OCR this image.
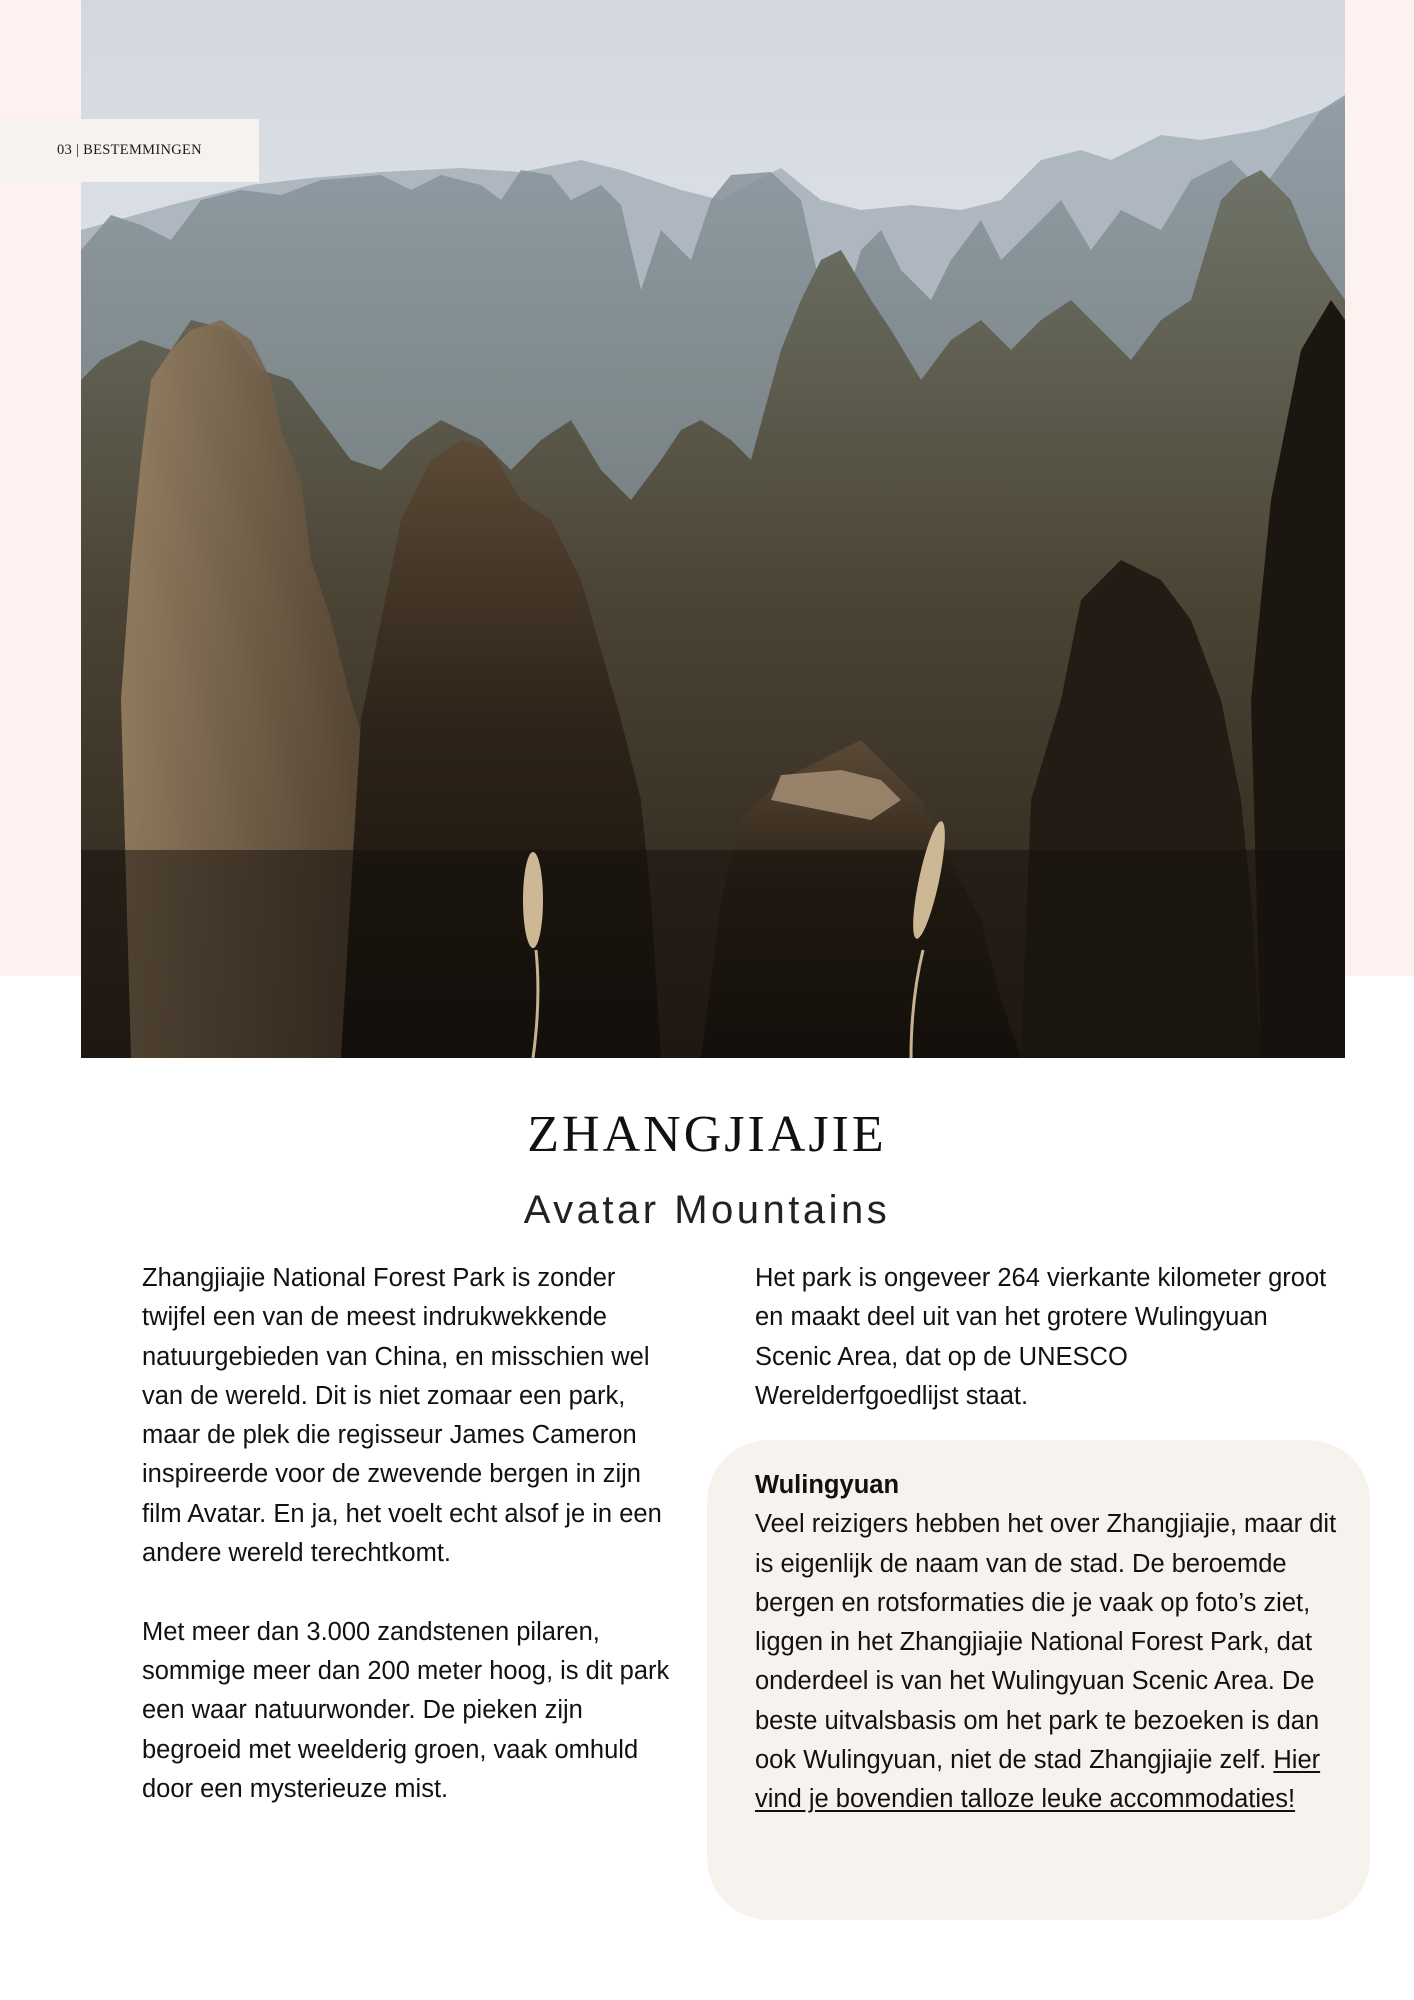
03 | BESTEMMINGEN
ZHANGJIAJIE
Avatar Mountains

Zhangjiajie National Forest Park is zonder twijfel een van de meest indrukwekkende natuurgebieden van China, en misschien wel van de wereld. Dit is niet zomaar een park, maar de plek die regisseur James Cameron inspireerde voor de zwevende bergen in zijn film Avatar. En ja, het voelt echt alsof je in een andere wereld terechtkomt.

Met meer dan 3.000 zandstenen pilaren, sommige meer dan 200 meter hoog, is dit park een waar natuurwonder. De pieken zijn begroeid met weelderig groen, vaak omhuld door een mysterieuze mist.

Het park is ongeveer 264 vierkante kilometer groot en maakt deel uit van het grotere Wulingyuan Scenic Area, dat op de UNESCO Werelderfgoedlijst staat.

Wulingyuan
Veel reizigers hebben het over Zhangjiajie, maar dit is eigenlijk de naam van de stad. De beroemde bergen en rotsformaties die je vaak op foto’s ziet, liggen in het Zhangjiajie National Forest Park, dat onderdeel is van het Wulingyuan Scenic Area. De beste uitvalsbasis om het park te bezoeken is dan ook Wulingyuan, niet de stad Zhangjiajie zelf. Hier vind je bovendien talloze leuke accommodaties!
